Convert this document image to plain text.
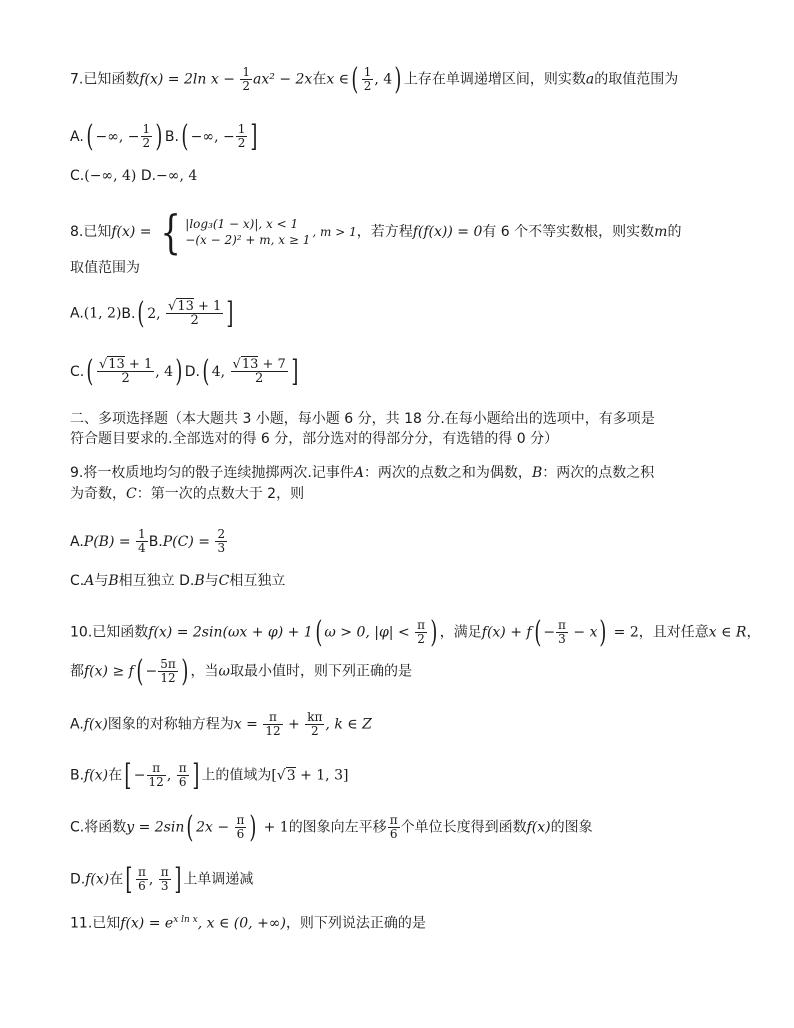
7.已知函数f(x) = 2ln $x - \frac{1}{2} ax^2 - 2x$在x ∈( $\frac{1}{2}$ , 4) 上存在单调递增区间，则实数a的取值范围为
A.( −∞, − $\frac{1}{2}$ ) B.( −∞, − $\frac{1}{2}$ ]
C.(−∞, 4) D.−∞, 4
8.已知f(x) = { |log₃(1 − x)|, x < 1
−(x − 2)² + m, x ≥ 1
, m > 1，若方程f(f(x)) = 0有 6 个不等实数根，则实数m的
取值范围为
A.(1, 2)B.( 2, $\frac{√13 + 1}{2}$ ]
$C.( \frac{√13 + 1}{2}$ , 4) D.( 4, $\frac{√13 + 7}{2}$ ]
二、多项选择题（本大题共 3 小题，每小题 6 分，共 18 分.在每小题给出的选项中，有多项是
符合题目要求的.全部选对的得 6 分，部分选对的得部分分，有选错的得 0 分）
9.将一枚质地均匀的骰子连续抛掷两次.记事件A：两次的点数之和为偶数，B：两次的点数之积
为奇数，C：第一次的点数大于 2，则
$A.P(B) = \frac{1}{4} B.P(C) = \frac{2}{3}$
C.A与B相互独立 D.B与C相互独立
10.已知函数f(x) = 2sin(ωx + φ) + 1( ω > 0, $|\varphi| < \frac{\pi}{2}$ ) ，满足$f(x) + f( - \frac{\pi}{3} - x) = 2$，且对任意x ∈ R，
都$f(x) \ge f( - \frac{5\pi}{12}$ ) ，当ω取最小值时，则下列正确的是
A.f(x)图象的对称轴方程为$x = \frac{\pi}{12} + \frac{k\pi}{2}$ , k ∈ Z
B.f(x)在[ − $\frac{\pi}{12}$ , $\frac{\pi}{6}$ ] 上的值域为[√3 + 1, 3]
C.将函数y = 2sin( $2x - \frac{\pi}{6}$ ) + 1的图象向左平移 $\frac{\pi}{6}$ 个单位长度得到函数f(x)的图象
D.f(x)在[ $\frac{\pi}{6}$ , $\frac{\pi}{3}$ ] 上单调递减
11.已知$f(x) = e^{x ln x}$, x ∈ (0, +∞)，则下列说法正确的是
